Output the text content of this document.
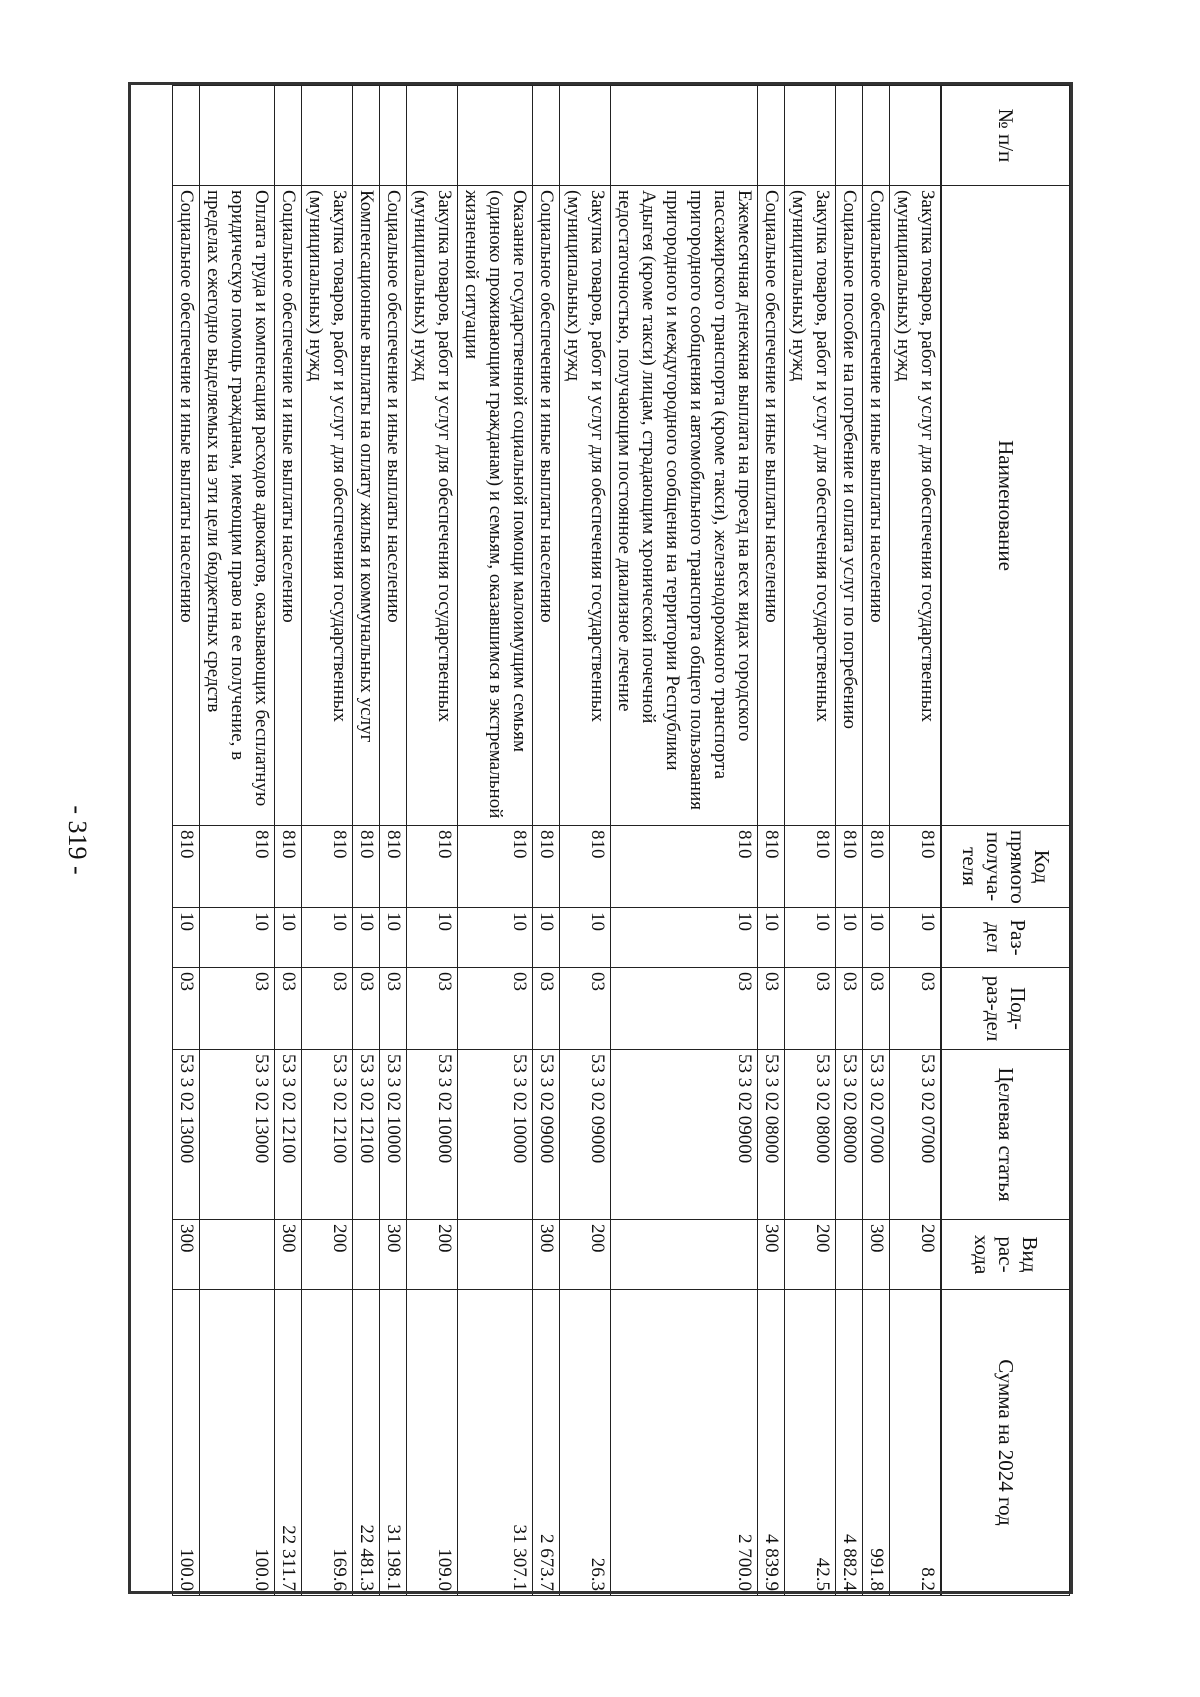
№ п/п	Наименование	Код прямого получа-теля	Раз-дел	Под-раз-дел	Целевая статья	Вид рас-хода	Сумма на 2024 год
	Закупка товаров, работ и услуг для обеспечения государственных (муниципальных) нужд	810	10	03	53 3 02 07000	200	8.2
	Социальное обеспечение и иные выплаты населению	810	10	03	53 3 02 07000	300	991.8
	Социальное пособие на погребение и оплата услуг по погребению	810	10	03	53 3 02 08000		4 882.4
	Закупка товаров, работ и услуг для обеспечения государственных (муниципальных) нужд	810	10	03	53 3 02 08000	200	42.5
	Социальное обеспечение и иные выплаты населению	810	10	03	53 3 02 08000	300	4 839.9
	Ежемесячная денежная выплата на проезд на всех видах городского пассажирского транспорта (кроме такси), железнодорожного транспорта пригородного сообщения и автомобильного транспорта общего пользования пригородного и междугородного сообщения на территории Республики Адыгея (кроме такси) лицам, страдающим хронической почечной недостаточностью, получающим постоянное диализное лечение	810	10	03	53 3 02 09000		2 700.0
	Закупка товаров, работ и услуг для обеспечения государственных (муниципальных) нужд	810	10	03	53 3 02 09000	200	26.3
	Социальное обеспечение и иные выплаты населению	810	10	03	53 3 02 09000	300	2 673.7
	Оказание государственной социальной помощи малоимущим семьям (одиноко проживающим гражданам) и семьям, оказавшимся в экстремальной жизненной ситуации	810	10	03	53 3 02 10000		31 307.1
	Закупка товаров, работ и услуг для обеспечения государственных (муниципальных) нужд	810	10	03	53 3 02 10000	200	109.0
	Социальное обеспечение и иные выплаты населению	810	10	03	53 3 02 10000	300	31 198.1
	Компенсационные выплаты на оплату жилья и коммунальных услуг	810	10	03	53 3 02 12100		22 481.3
	Закупка товаров, работ и услуг для обеспечения государственных (муниципальных) нужд	810	10	03	53 3 02 12100	200	169.6
	Социальное обеспечение и иные выплаты населению	810	10	03	53 3 02 12100	300	22 311.7
	Оплата труда и компенсация расходов адвокатов, оказывающих бесплатную юридическую помощь гражданам, имеющим право на ее получение, в пределах ежегодно выделяемых на эти цели бюджетных средств	810	10	03	53 3 02 13000		100.0
	Социальное обеспечение и иные выплаты населению	810	10	03	53 3 02 13000	300	100.0
- 319 -
